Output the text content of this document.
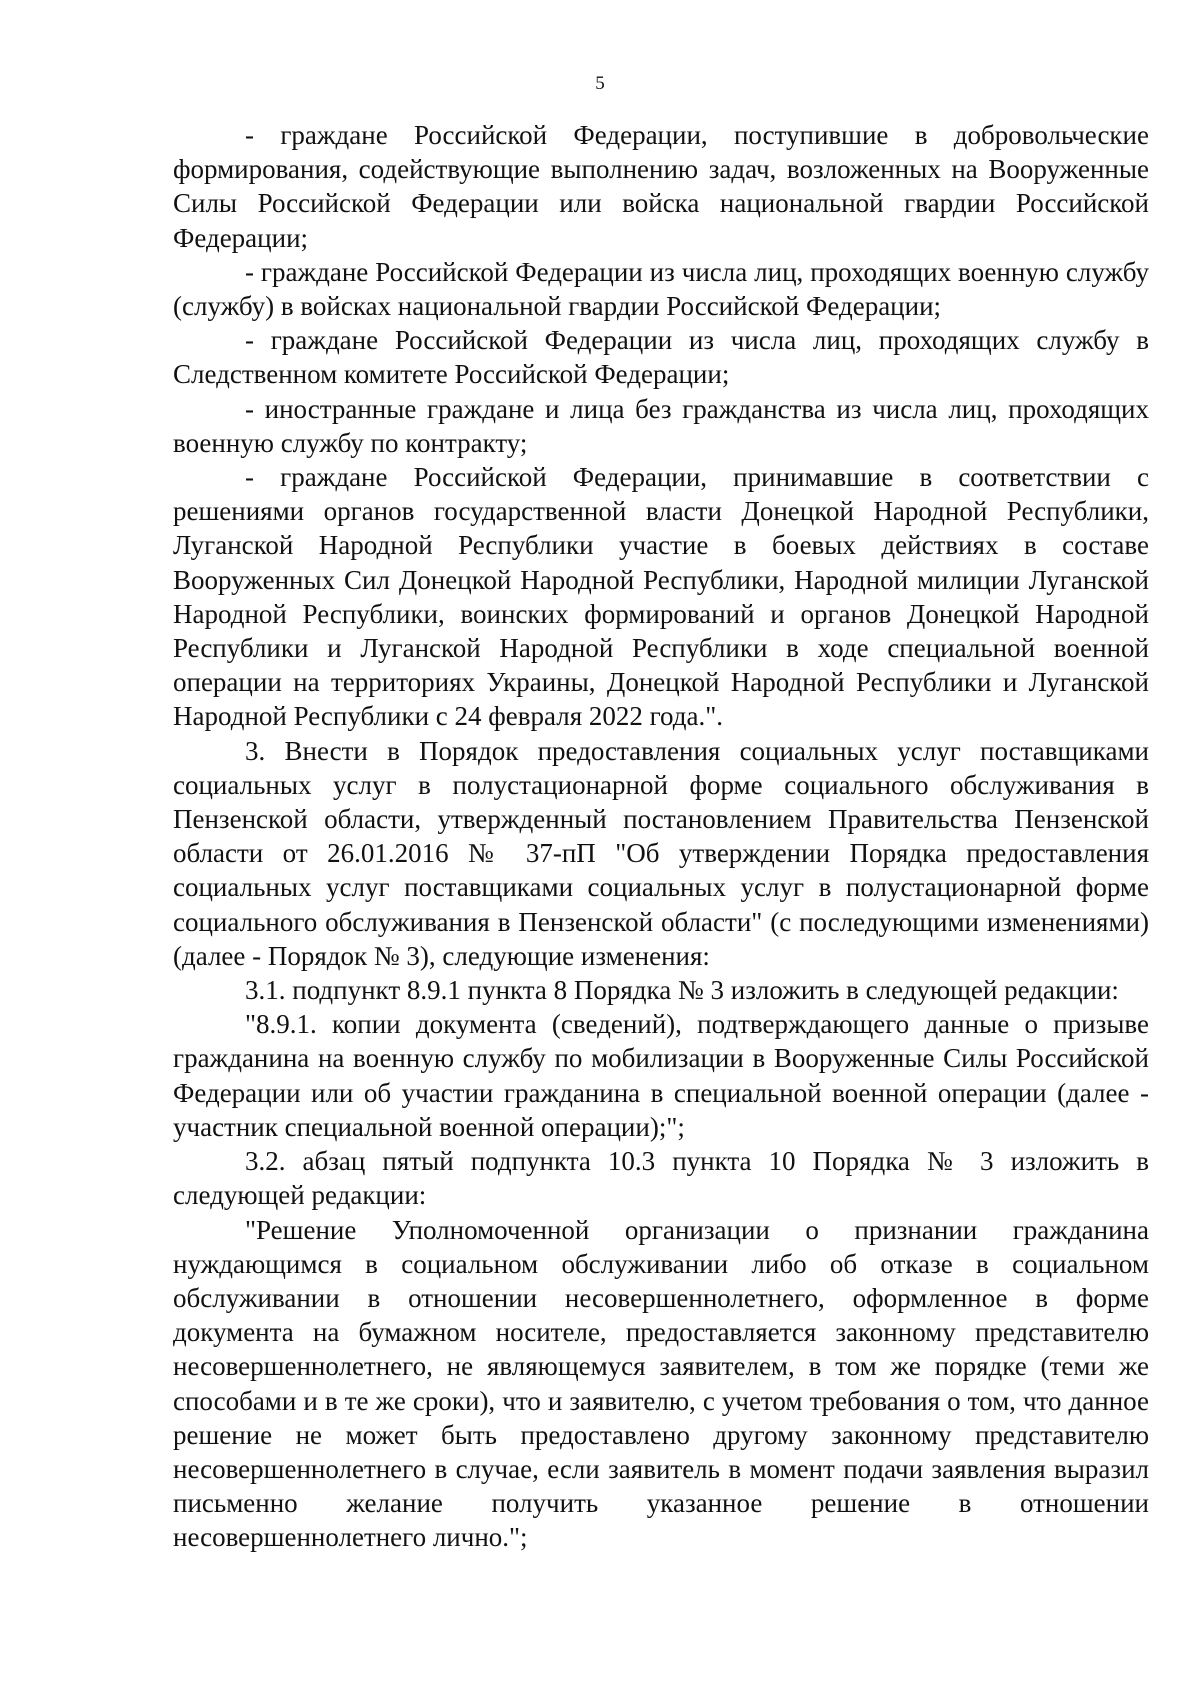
5

- граждане Российской Федерации, поступившие в добровольческие формирования, содействующие выполнению задач, возложенных на Вооруженные Силы Российской Федерации или войска национальной гвардии Российской Федерации;

- граждане Российской Федерации из числа лиц, проходящих военную службу (службу) в войсках национальной гвардии Российской Федерации;

- граждане Российской Федерации из числа лиц, проходящих службу в Следственном комитете Российской Федерации;

- иностранные граждане и лица без гражданства из числа лиц, проходящих военную службу по контракту;

- граждане Российской Федерации, принимавшие в соответствии с решениями органов государственной власти Донецкой Народной Республики, Луганской Народной Республики участие в боевых действиях в составе Вооруженных Сил Донецкой Народной Республики, Народной милиции Луганской Народной Республики, воинских формирований и органов Донецкой Народной Республики и Луганской Народной Республики в ходе специальной военной операции на территориях Украины, Донецкой Народной Республики и Луганской Народной Республики с 24 февраля 2022 года.".

3. Внести в Порядок предоставления социальных услуг поставщиками социальных услуг в полустационарной форме социального обслуживания в Пензенской области, утвержденный постановлением Правительства Пензенской области от 26.01.2016 № 37-пП "Об утверждении Порядка предоставления социальных услуг поставщиками социальных услуг в полустационарной форме социального обслуживания в Пензенской области" (с последующими изменениями) (далее - Порядок № 3), следующие изменения:

3.1. подпункт 8.9.1 пункта 8 Порядка № 3 изложить в следующей редакции:

"8.9.1. копии документа (сведений), подтверждающего данные о призыве гражданина на военную службу по мобилизации в Вооруженные Силы Российской Федерации или об участии гражданина в специальной военной операции (далее - участник специальной военной операции);";

3.2. абзац пятый подпункта 10.3 пункта 10 Порядка № 3 изложить в следующей редакции:

"Решение Уполномоченной организации о признании гражданина нуждающимся в социальном обслуживании либо об отказе в социальном обслуживании в отношении несовершеннолетнего, оформленное в форме документа на бумажном носителе, предоставляется законному представителю несовершеннолетнего, не являющемуся заявителем, в том же порядке (теми же способами и в те же сроки), что и заявителю, с учетом требования о том, что данное решение не может быть предоставлено другому законному представителю несовершеннолетнего в случае, если заявитель в момент подачи заявления выразил письменно желание получить указанное решение в отношении несовершеннолетнего лично.";
